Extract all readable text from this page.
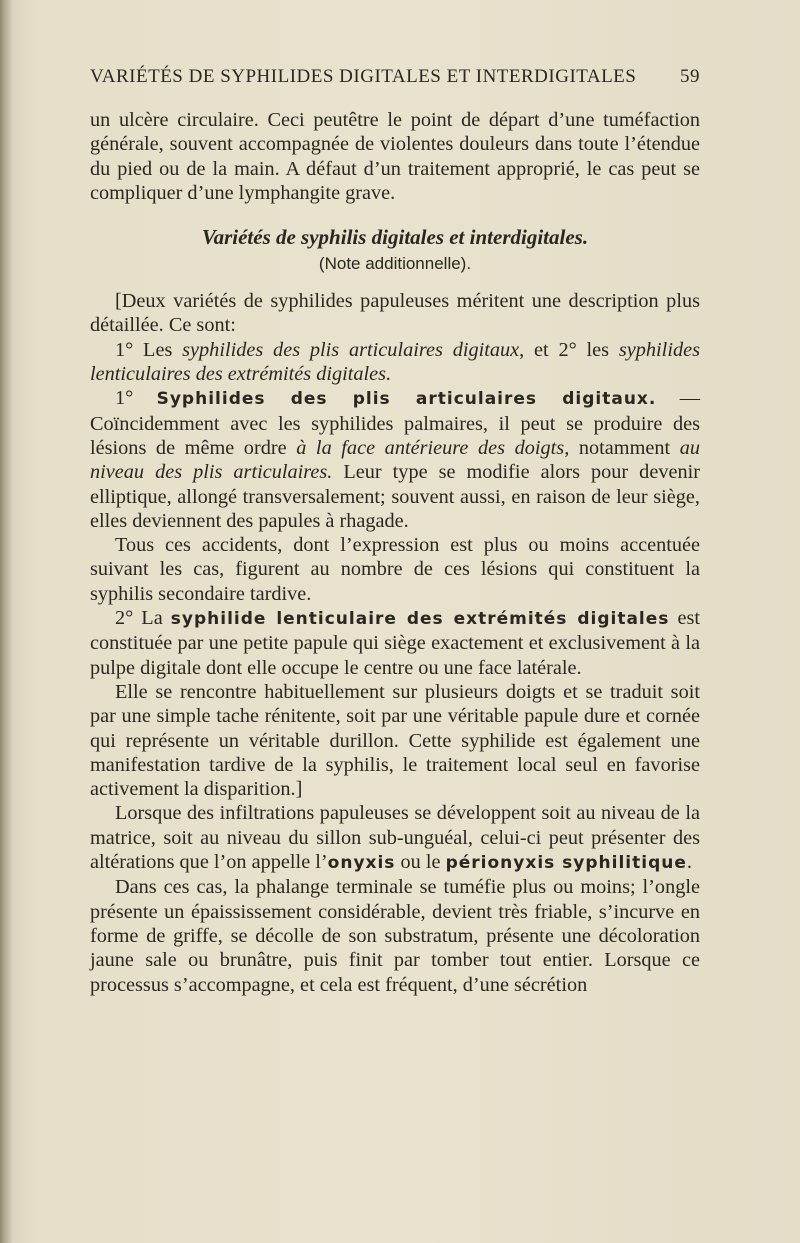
VARIÉTÉS DE SYPHILIDES DIGITALES ET INTERDIGITALES 59

un ulcère circulaire. Ceci peutêtre le point de départ d’une tuméfaction générale, souvent accompagnée de violentes douleurs dans toute l’étendue du pied ou de la main. A défaut d’un traitement approprié, le cas peut se compliquer d’une lymphangite grave.

Variétés de syphilis digitales et interdigitales.

(Note additionnelle).

[Deux variétés de syphilides papuleuses méritent une description plus détaillée. Ce sont:

1° Les syphilides des plis articulaires digitaux, et 2° les syphilides lenticulaires des extrémités digitales.

1° Syphilides des plis articulaires digitaux. — Coïncidemment avec les syphilides palmaires, il peut se produire des lésions de même ordre à la face antérieure des doigts, notamment au niveau des plis articulaires. Leur type se modifie alors pour devenir elliptique, allongé transversalement; souvent aussi, en raison de leur siège, elles deviennent des papules à rhagade.

Tous ces accidents, dont l’expression est plus ou moins accentuée suivant les cas, figurent au nombre de ces lésions qui constituent la syphilis secondaire tardive.

2° La syphilide lenticulaire des extrémités digitales est constituée par une petite papule qui siège exactement et exclusivement à la pulpe digitale dont elle occupe le centre ou une face latérale.

Elle se rencontre habituellement sur plusieurs doigts et se traduit soit par une simple tache rénitente, soit par une véritable papule dure et cornée qui représente un véritable durillon. Cette syphilide est également une manifestation tardive de la syphilis, le traitement local seul en favorise activement la disparition.]

Lorsque des infiltrations papuleuses se développent soit au niveau de la matrice, soit au niveau du sillon sub-unguéal, celui-ci peut présenter des altérations que l’on appelle l’onyxis ou le périonyxis syphilitique.

Dans ces cas, la phalange terminale se tuméfie plus ou moins; l’ongle présente un épaississement considérable, devient très friable, s’incurve en forme de griffe, se décolle de son substratum, présente une décoloration jaune sale ou brunâtre, puis finit par tomber tout entier. Lorsque ce processus s’accompagne, et cela est fréquent, d’une sécrétion
